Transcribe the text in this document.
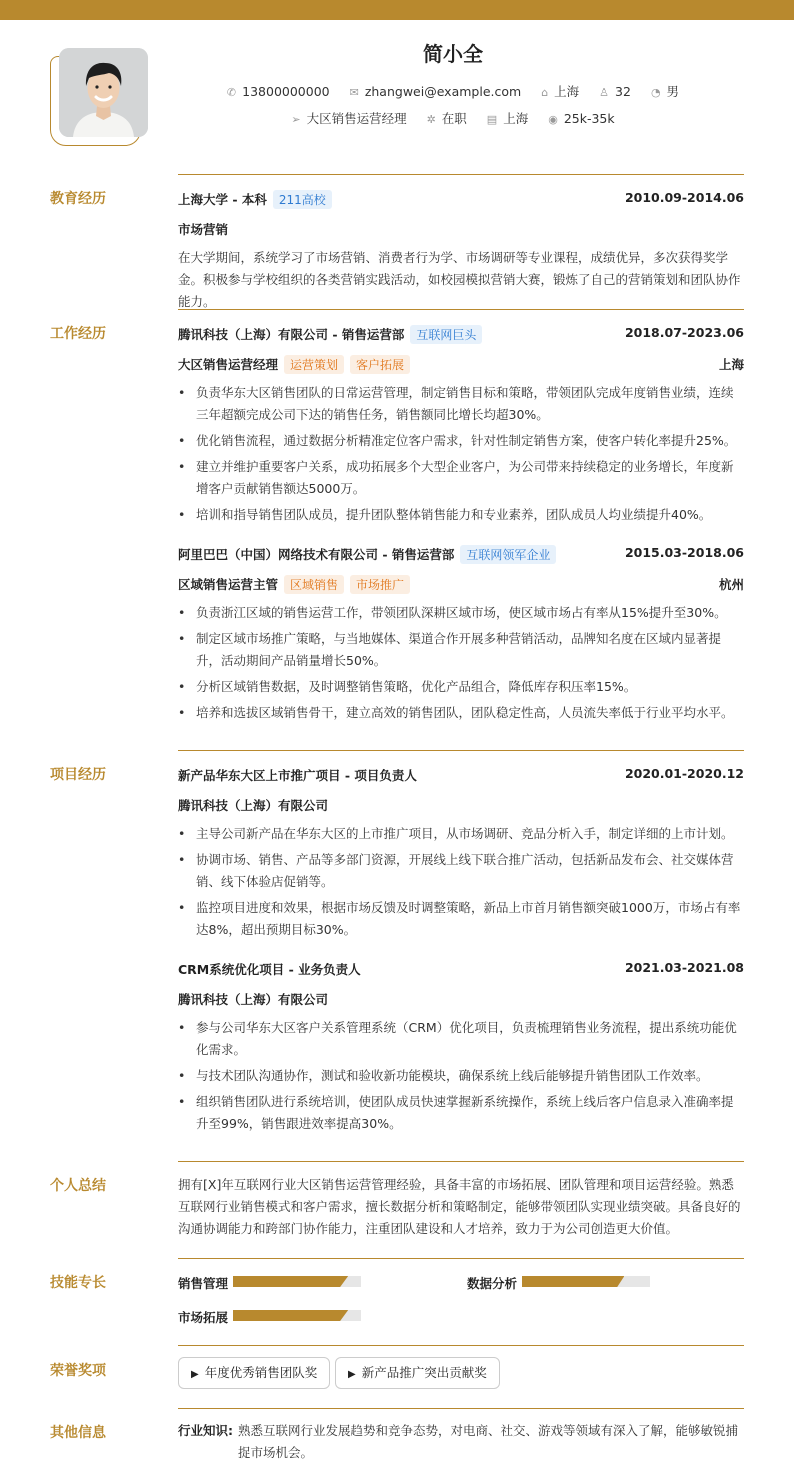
简小全
✆ 13800000000 ✉ zhangwei@example.com ⌂ 上海 ♙ 32 ◔ 男
➢ 大区销售运营经理 ✲ 在职 ▤ 上海 ◉ 25k-35k
教育经历	上海大学 - 本科 211高校	2010.09-2014.06
市场营销
在大学期间，系统学习了市场营销、消费者行为学、市场调研等专业课程，成绩优异，多次获得奖学金。积极参与学校组织的各类营销实践活动，如校园模拟营销大赛，锻炼了自己的营销策划和团队协作能力。
工作经历	腾讯科技（上海）有限公司 - 销售运营部 互联网巨头	2018.07-2023.06
大区销售运营经理 运营策划 客户拓展	上海
• 负责华东大区销售团队的日常运营管理，制定销售目标和策略，带领团队完成年度销售业绩，连续三年超额完成公司下达的销售任务，销售额同比增长均超30%。
• 优化销售流程，通过数据分析精准定位客户需求，针对性制定销售方案，使客户转化率提升25%。
• 建立并维护重要客户关系，成功拓展多个大型企业客户，为公司带来持续稳定的业务增长，年度新增客户贡献销售额达5000万。
• 培训和指导销售团队成员，提升团队整体销售能力和专业素养，团队成员人均业绩提升40%。
阿里巴巴（中国）网络技术有限公司 - 销售运营部 互联网领军企业	2015.03-2018.06
区域销售运营主管 区域销售 市场推广	杭州
• 负责浙江区域的销售运营工作，带领团队深耕区域市场，使区域市场占有率从15%提升至30%。
• 制定区域市场推广策略，与当地媒体、渠道合作开展多种营销活动，品牌知名度在区域内显著提升，活动期间产品销量增长50%。
• 分析区域销售数据，及时调整销售策略，优化产品组合，降低库存积压率15%。
• 培养和选拔区域销售骨干，建立高效的销售团队，团队稳定性高，人员流失率低于行业平均水平。
项目经历	新产品华东大区上市推广项目 - 项目负责人	2020.01-2020.12
腾讯科技（上海）有限公司
• 主导公司新产品在华东大区的上市推广项目，从市场调研、竞品分析入手，制定详细的上市计划。
• 协调市场、销售、产品等多部门资源，开展线上线下联合推广活动，包括新品发布会、社交媒体营销、线下体验店促销等。
• 监控项目进度和效果，根据市场反馈及时调整策略，新品上市首月销售额突破1000万，市场占有率达8%，超出预期目标30%。
CRM系统优化项目 - 业务负责人	2021.03-2021.08
腾讯科技（上海）有限公司
• 参与公司华东大区客户关系管理系统（CRM）优化项目，负责梳理销售业务流程，提出系统功能优化需求。
• 与技术团队沟通协作，测试和验收新功能模块，确保系统上线后能够提升销售团队工作效率。
• 组织销售团队进行系统培训，使团队成员快速掌握新系统操作，系统上线后客户信息录入准确率提升至99%，销售跟进效率提高30%。
个人总结	拥有[X]年互联网行业大区销售运营管理经验，具备丰富的市场拓展、团队管理和项目运营经验。熟悉互联网行业销售模式和客户需求，擅长数据分析和策略制定，能够带领团队实现业绩突破。具备良好的沟通协调能力和跨部门协作能力，注重团队建设和人才培养，致力于为公司创造更大价值。
技能专长	销售管理	数据分析
市场拓展
荣誉奖项	▶ 年度优秀销售团队奖	▶ 新产品推广突出贡献奖
其他信息	行业知识: 熟悉互联网行业发展趋势和竞争态势，对电商、社交、游戏等领域有深入了解，能够敏锐捕捉市场机会。
